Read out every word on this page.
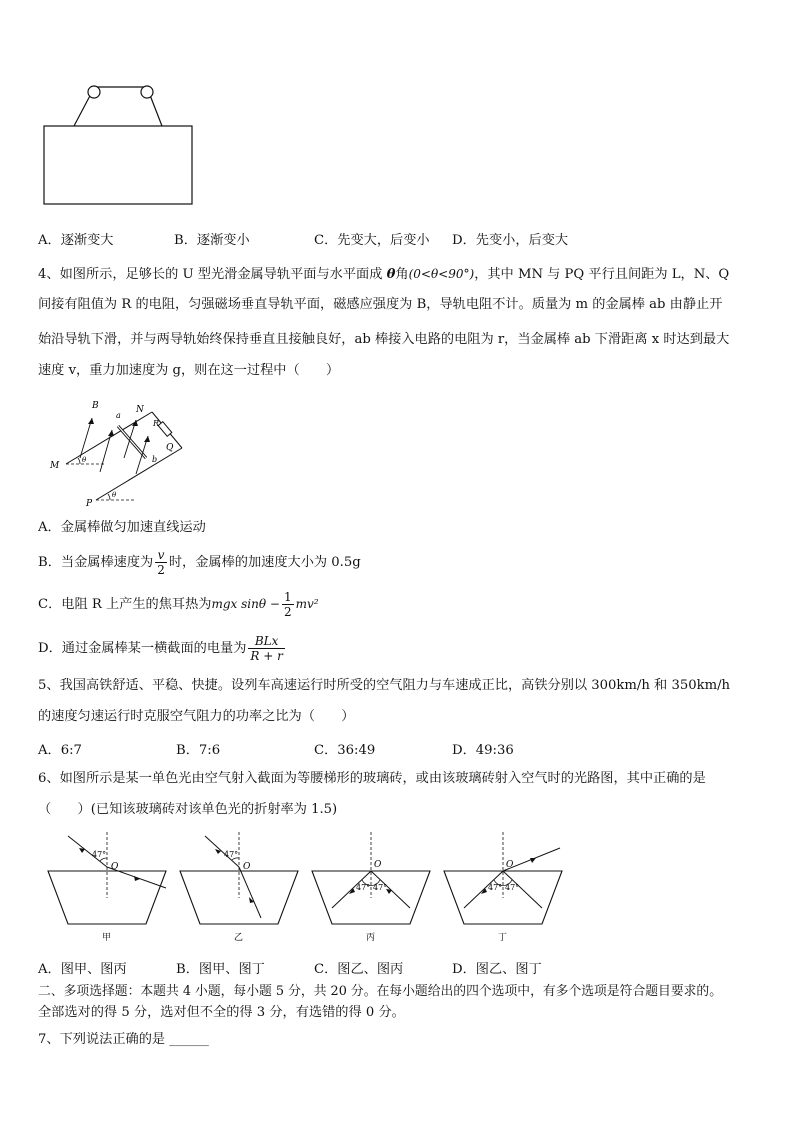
A．逐渐变大	B．逐渐变小	C．先变大，后变小 D．先变小，后变大
4、如图所示，足够长的 U 型光滑金属导轨平面与水平面成 θ角(0<θ<90°)，其中 MN 与 PQ 平行且间距为 L，N、Q
间接有阻值为 R 的电阻，匀强磁场垂直导轨平面，磁感应强度为 B，导轨电阻不计。质量为 m 的金属棒 ab 由静止开
始沿导轨下滑，并与两导轨始终保持垂直且接触良好，ab 棒接入电路的电阻为 r，当金属棒 ab 下滑距离 x 时达到最大
速度 v，重力加速度为 g，则在这一过程中（　　）
B
a
N
R
Q
b
M
θ
θ
P
A．金属棒做匀加速直线运动
B．当金属棒速度为 $\frac{v}{2}$ 时，金属棒的加速度大小为 0.5g
C．电阻 R 上产生的焦耳热为mgx $\sin\theta - \frac{1}{2} mv^2$
D．通过金属棒某一横截面的电量为 $\frac{\text{BLx}}{R + r}$
5、我国高铁舒适、平稳、快捷。设列车高速运行时所受的空气阻力与车速成正比，高铁分别以 300km/h 和 350km/h
的速度匀速运行时克服空气阻力的功率之比为（　　）
A．6:7	B．7:6	C．36:49	D．49:36
6、如图所示是某一单色光由空气射入截面为等腰梯形的玻璃砖，或由该玻璃砖射入空气时的光路图，其中正确的是
（　　）(已知该玻璃砖对该单色光的折射率为 1.5)
47°
O
甲
47°
O
乙
47° 47°
O
丙
47° 47°
O
丁
A．图甲、图丙	B．图甲、图丁	C．图乙、图丙	D．图乙、图丁
二、多项选择题：本题共 4 小题，每小题 5 分，共 20 分。在每小题给出的四个选项中，有多个选项是符合题目要求的。
全部选对的得 5 分，选对但不全的得 3 分，有选错的得 0 分。
7、下列说法正确的是 ______
